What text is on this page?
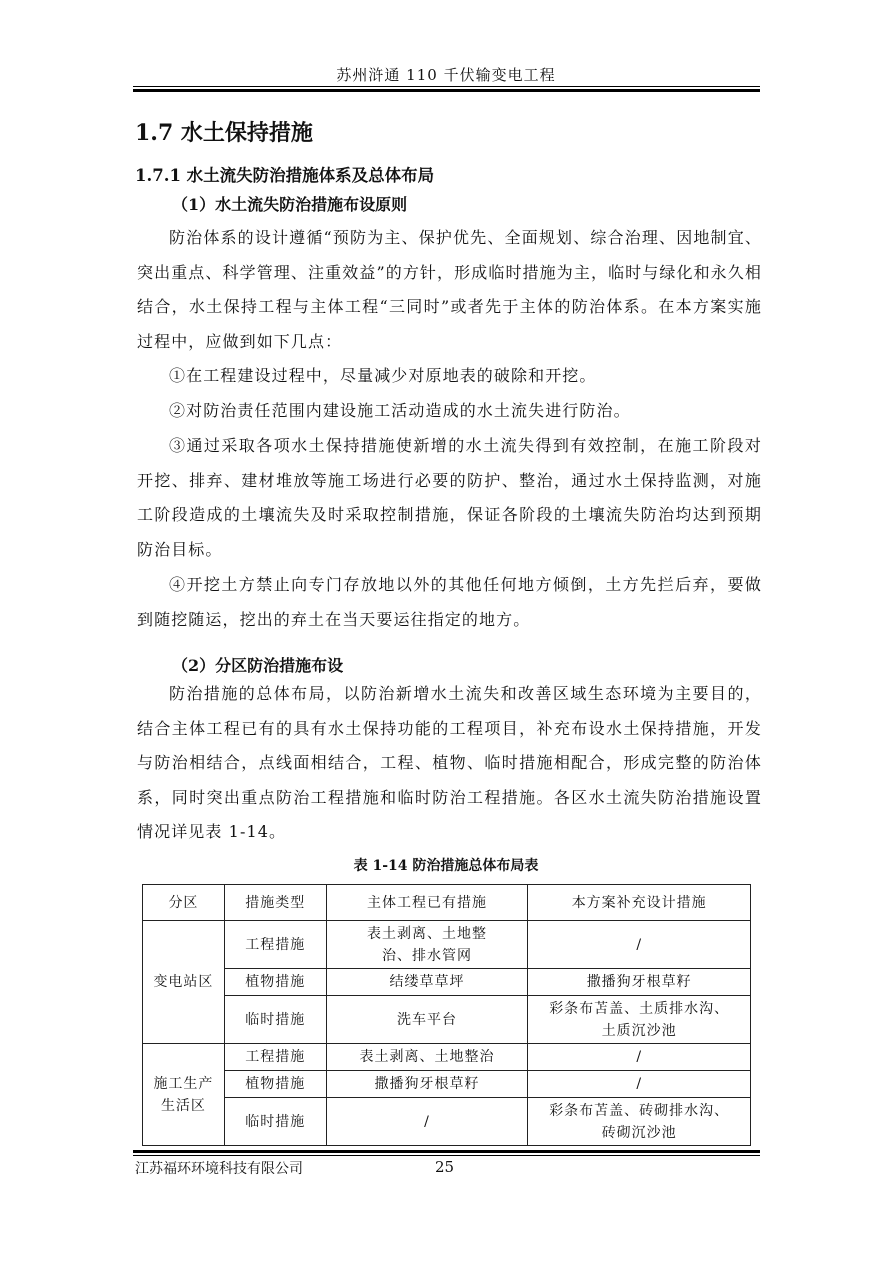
苏州浒通 110 千伏输变电工程
1.7 水土保持措施
1.7.1 水土流失防治措施体系及总体布局
（1）水土流失防治措施布设原则
防治体系的设计遵循“预防为主、保护优先、全面规划、综合治理、因地制宜、突出重点、科学管理、注重效益”的方针，形成临时措施为主，临时与绿化和永久相结合，水土保持工程与主体工程“三同时”或者先于主体的防治体系。在本方案实施过程中，应做到如下几点：
①在工程建设过程中，尽量减少对原地表的破除和开挖。
②对防治责任范围内建设施工活动造成的水土流失进行防治。
③通过采取各项水土保持措施使新增的水土流失得到有效控制，在施工阶段对开挖、排弃、建材堆放等施工场进行必要的防护、整治，通过水土保持监测，对施工阶段造成的土壤流失及时采取控制措施，保证各阶段的土壤流失防治均达到预期防治目标。
④开挖土方禁止向专门存放地以外的其他任何地方倾倒，土方先拦后弃，要做到随挖随运，挖出的弃土在当天要运往指定的地方。
（2）分区防治措施布设
防治措施的总体布局，以防治新增水土流失和改善区域生态环境为主要目的，结合主体工程已有的具有水土保持功能的工程项目，补充布设水土保持措施，开发与防治相结合，点线面相结合，工程、植物、临时措施相配合，形成完整的防治体系，同时突出重点防治工程措施和临时防治工程措施。各区水土流失防治措施设置情况详见表 1-14。
表 1-14 防治措施总体布局表
分区	措施类型	主体工程已有措施	本方案补充设计措施
变电站区	工程措施	表土剥离、土地整治、排水管网	/
	植物措施	结缕草草坪	撒播狗牙根草籽
	临时措施	洗车平台	彩条布苫盖、土质排水沟、土质沉沙池
施工生产生活区	工程措施	表土剥离、土地整治	/
	植物措施	撒播狗牙根草籽	/
	临时措施	/	彩条布苫盖、砖砌排水沟、砖砌沉沙池
江苏福环环境科技有限公司	25
